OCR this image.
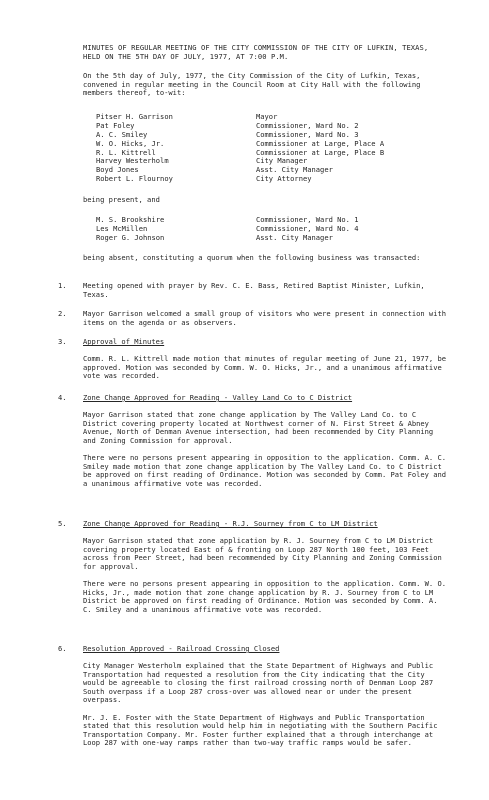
MINUTES OF REGULAR MEETING OF THE CITY COMMISSION OF THE CITY OF LUFKIN, TEXAS, HELD ON THE 5TH DAY OF JULY, 1977, AT 7:00 P.M.
On the 5th day of July, 1977, the City Commission of the City of Lufkin, Texas, convened in regular meeting in the Council Room at City Hall with the following members thereof, to-wit:
Pitser H. Garrison	Mayor
Pat Foley	Commissioner, Ward No. 2
A. C. Smiley	Commissioner, Ward No. 3
W. O. Hicks, Jr.	Commissioner at Large, Place A
R. L. Kittrell	Commissioner at Large, Place B
Harvey Westerholm	City Manager
Boyd Jones	Asst. City Manager
Robert L. Flournoy	City Attorney
being present, and
M. S. Brookshire	Commissioner, Ward No. 1
Les McMillen	Commissioner, Ward No. 4
Roger G. Johnson	Asst. City Manager
being absent, constituting a quorum when the following business was transacted:
1. Meeting opened with prayer by Rev. C. E. Bass, Retired Baptist Minister, Lufkin, Texas.
2. Mayor Garrison welcomed a small group of visitors who were present in connection with items on the agenda or as observers.
3. Approval of Minutes
Comm. R. L. Kittrell made motion that minutes of regular meeting of June 21, 1977, be approved. Motion was seconded by Comm. W. O. Hicks, Jr., and a unanimous affirmative vote was recorded.
4. Zone Change Approved for Reading - Valley Land Co to C District
Mayor Garrison stated that zone change application by The Valley Land Co. to C District covering property located at Northwest corner of N. First Street & Abney Avenue, North of Denman Avenue intersection, had been recommended by City Planning and Zoning Commission for approval.

There were no persons present appearing in opposition to the application. Comm. A. C. Smiley made motion that zone change application by The Valley Land Co. to C District be approved on first reading of Ordinance. Motion was seconded by Comm. Pat Foley and a unanimous affirmative vote was recorded.
5. Zone Change Approved for Reading - R.J. Sourney from C to LM District
Mayor Garrison stated that zone application by R. J. Sourney from C to LM District covering property located East of & fronting on Loop 287 North 100 feet, 103 Feet across from Peer Street, had been recommended by City Planning and Zoning Commission for approval.

There were no persons present appearing in opposition to the application. Comm. W. O. Hicks, Jr., made motion that zone change application by R. J. Sourney from C to LM District be approved on first reading of Ordinance. Motion was seconded by Comm. A. C. Smiley and a unanimous affirmative vote was recorded.
6. Resolution Approved - Railroad Crossing Closed
City Manager Westerholm explained that the State Department of Highways and Public Transportation had requested a resolution from the City indicating that the City would be agreeable to closing the first railroad crossing north of Denman Loop 287 South overpass if a Loop 287 cross-over was allowed near or under the present overpass.

Mr. J. E. Foster with the State Department of Highways and Public Transportation stated that this resolution would help him in negotiating with the Southern Pacific Transportation Company. Mr. Foster further explained that a through interchange at Loop 287 with one-way ramps rather than two-way traffic ramps would be safer.
